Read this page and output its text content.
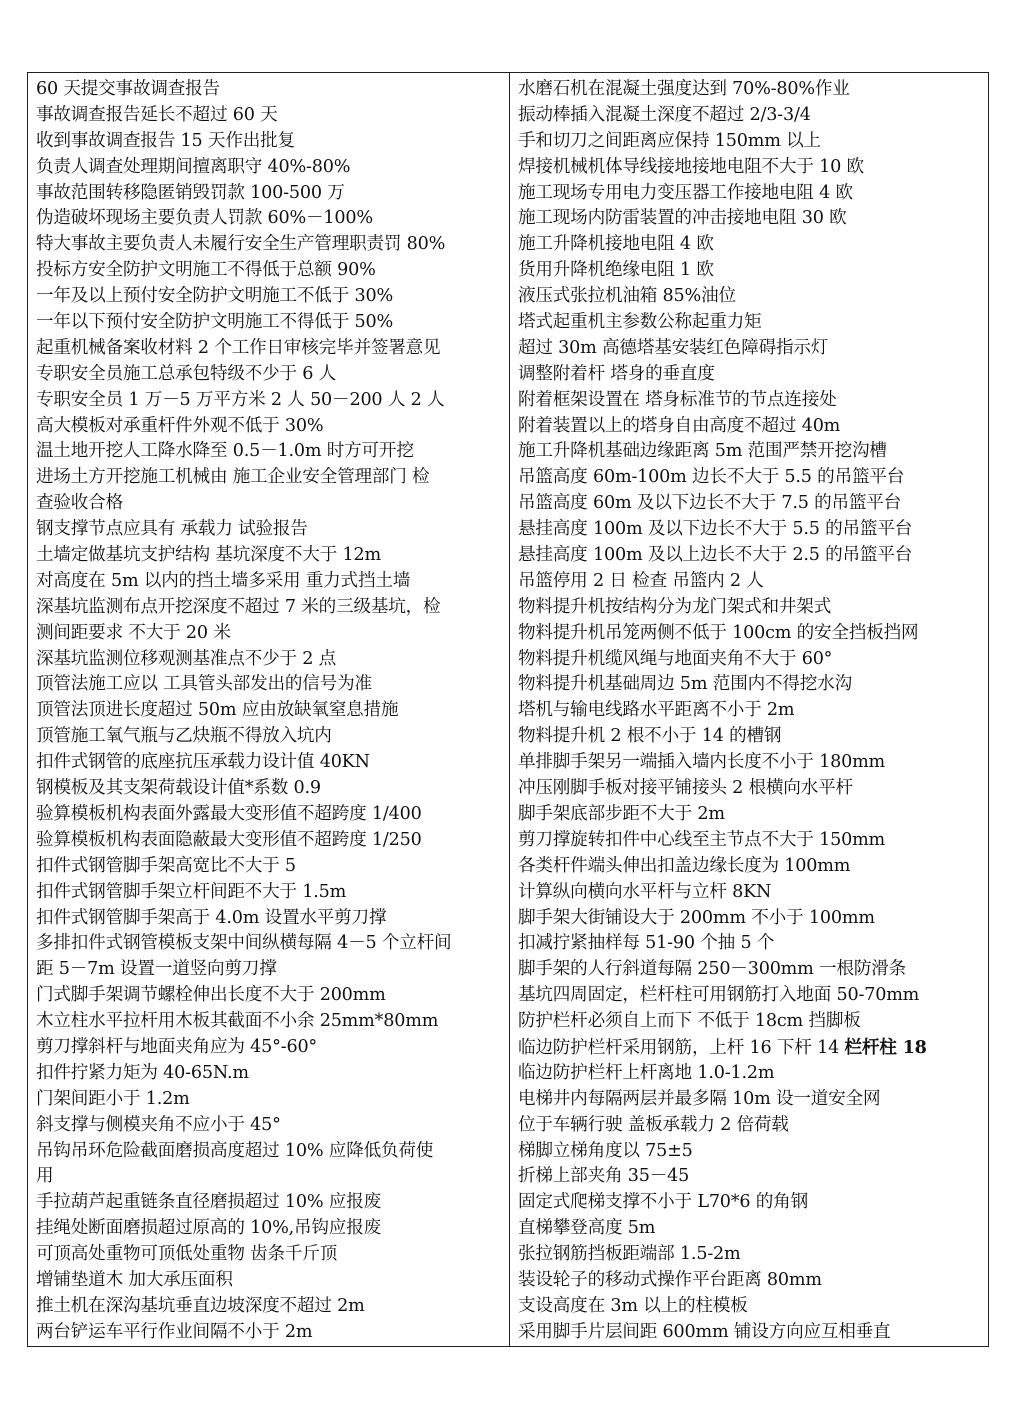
60 天提交事故调查报告
事故调查报告延长不超过 60 天
收到事故调查报告 15 天作出批复
负责人调查处理期间擅离职守 40%-80%
事故范围转移隐匿销毁罚款 100-500 万
伪造破坏现场主要负责人罚款 60%－100%
特大事故主要负责人未履行安全生产管理职责罚 80%
投标方安全防护文明施工不得低于总额 90%
一年及以上预付安全防护文明施工不低于 30%
一年以下预付安全防护文明施工不得低于 50%
起重机械备案收材料 2 个工作日审核完毕并签署意见
专职安全员施工总承包特级不少于 6 人
专职安全员 1 万－5 万平方米 2 人 50－200 人 2 人
高大模板对承重杆件外观不低于 30%
温土地开挖人工降水降至 0.5－1.0m 时方可开挖
进场土方开挖施工机械由 施工企业安全管理部门 检
查验收合格
钢支撑节点应具有 承载力 试验报告
土墙定做基坑支护结构 基坑深度不大于 12m
对高度在 5m 以内的挡土墙多采用 重力式挡土墙
深基坑监测布点开挖深度不超过 7 米的三级基坑，检
测间距要求 不大于 20 米
深基坑监测位移观测基准点不少于 2 点
顶管法施工应以 工具管头部发出的信号为准
顶管法顶进长度超过 50m 应由放缺氧窒息措施
顶管施工氧气瓶与乙炔瓶不得放入坑内
扣件式钢管的底座抗压承载力设计值 40KN
钢模板及其支架荷载设计值*系数 0.9
验算模板机构表面外露最大变形值不超跨度 1/400
验算模板机构表面隐蔽最大变形值不超跨度 1/250
扣件式钢管脚手架高宽比不大于 5
扣件式钢管脚手架立杆间距不大于 1.5m
扣件式钢管脚手架高于 4.0m 设置水平剪刀撑
多排扣件式钢管模板支架中间纵横每隔 4－5 个立杆间
距 5－7m 设置一道竖向剪刀撑
门式脚手架调节螺栓伸出长度不大于 200mm
木立柱水平拉杆用木板其截面不小余 25mm*80mm
剪刀撑斜杆与地面夹角应为 45°-60°
扣件拧紧力矩为 40-65N.m
门架间距小于 1.2m
斜支撑与侧模夹角不应小于 45°
吊钩吊环危险截面磨损高度超过 10% 应降低负荷使
用
手拉葫芦起重链条直径磨损超过 10% 应报废
挂绳处断面磨损超过原高的 10%,吊钩应报废
可顶高处重物可顶低处重物 齿条千斤顶
增铺垫道木 加大承压面积
推土机在深沟基坑垂直边坡深度不超过 2m
两台铲运车平行作业间隔不小于 2m
水磨石机在混凝土强度达到 70%-80%作业
振动棒插入混凝土深度不超过 2/3-3/4
手和切刀之间距离应保持 150mm 以上
焊接机械机体导线接地接地电阻不大于 10 欧
施工现场专用电力变压器工作接地电阻 4 欧
施工现场内防雷装置的冲击接地电阻 30 欧
施工升降机接地电阻 4 欧
货用升降机绝缘电阻 1 欧
液压式张拉机油箱 85%油位
塔式起重机主参数公称起重力矩
超过 30m 高德塔基安装红色障碍指示灯
调整附着杆 塔身的垂直度
附着框架设置在 塔身标准节的节点连接处
附着装置以上的塔身自由高度不超过 40m
施工升降机基础边缘距离 5m 范围严禁开挖沟槽
吊篮高度 60m-100m 边长不大于 5.5 的吊篮平台
吊篮高度 60m 及以下边长不大于 7.5 的吊篮平台
悬挂高度 100m 及以下边长不大于 5.5 的吊篮平台
悬挂高度 100m 及以上边长不大于 2.5 的吊篮平台
吊篮停用 2 日 检查 吊篮内 2 人
物料提升机按结构分为龙门架式和井架式
物料提升机吊笼两侧不低于 100cm 的安全挡板挡网
物料提升机缆风绳与地面夹角不大于 60°
物料提升机基础周边 5m 范围内不得挖水沟
塔机与输电线路水平距离不小于 2m
物料提升机 2 根不小于 14 的槽钢
单排脚手架另一端插入墙内长度不小于 180mm
冲压刚脚手板对接平铺接头 2 根横向水平杆
脚手架底部步距不大于 2m
剪刀撑旋转扣件中心线至主节点不大于 150mm
各类杆件端头伸出扣盖边缘长度为 100mm
计算纵向横向水平杆与立杆 8KN
脚手架大街铺设大于 200mm 不小于 100mm
扣减拧紧抽样每 51-90 个抽 5 个
脚手架的人行斜道每隔 250－300mm 一根防滑条
基坑四周固定，栏杆柱可用钢筋打入地面 50-70mm
防护栏杆必须自上而下 不低于 18cm 挡脚板
临边防护栏杆采用钢筋，上杆 16 下杆 14 栏杆柱 18
临边防护栏杆上杆离地 1.0-1.2m
电梯井内每隔两层并最多隔 10m 设一道安全网
位于车辆行驶 盖板承载力 2 倍荷载
梯脚立梯角度以 75±5
折梯上部夹角 35－45
固定式爬梯支撑不小于 L70*6 的角钢
直梯攀登高度 5m
张拉钢筋挡板距端部 1.5-2m
装设轮子的移动式操作平台距离 80mm
支设高度在 3m 以上的柱模板
采用脚手片层间距 600mm 铺设方向应互相垂直
